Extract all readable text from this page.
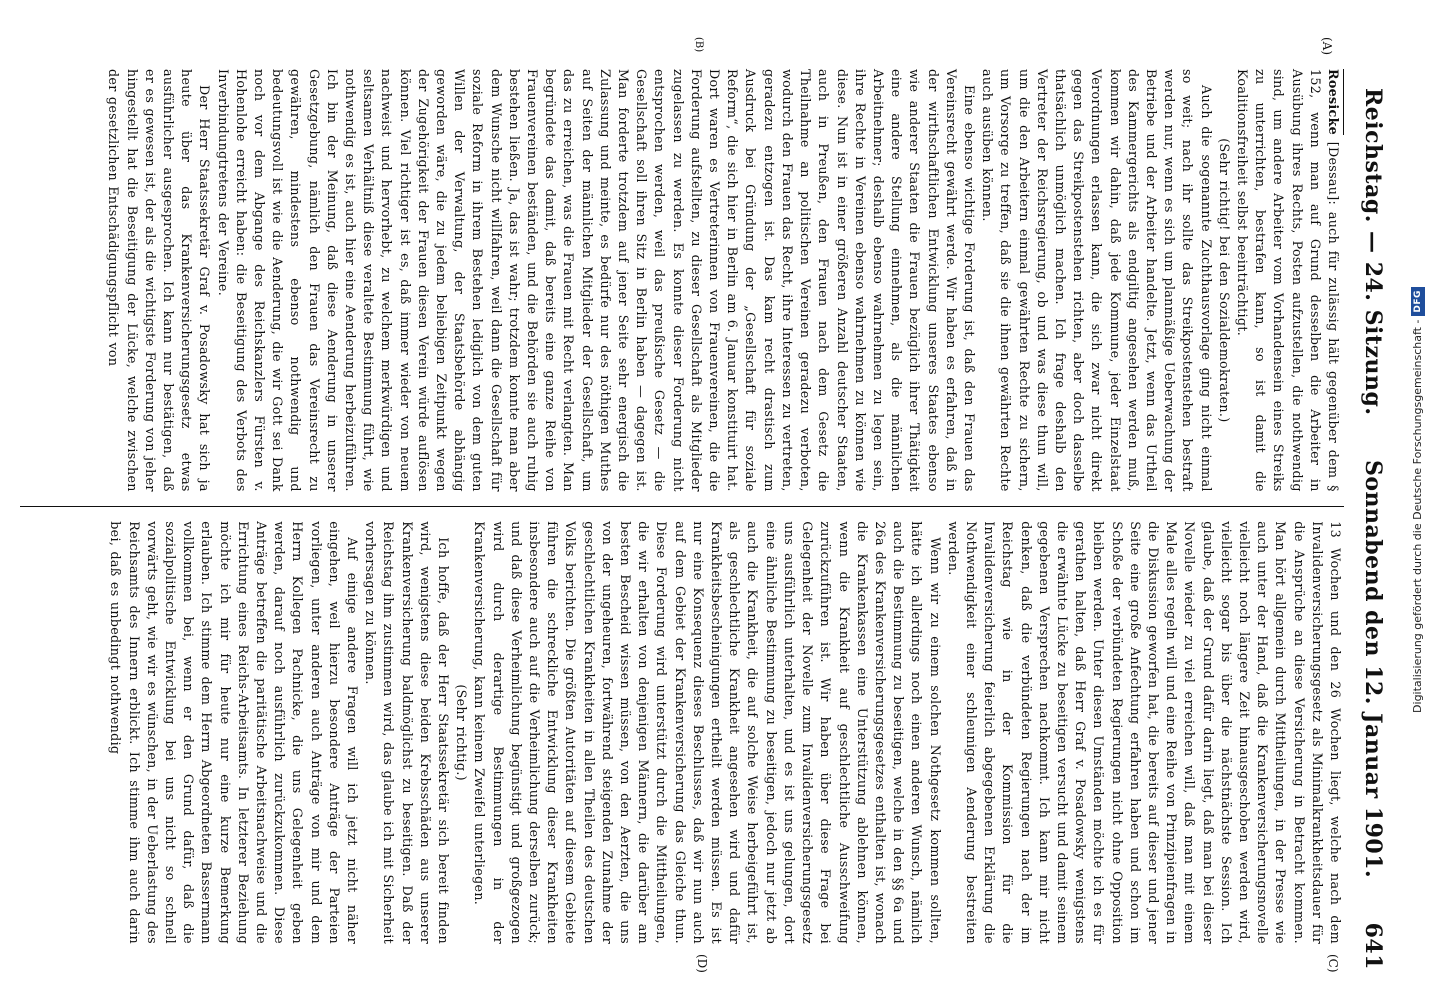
Reichstag. — 24. Sitzung.
Sonnabend den 12. Januar 1901.
641
(A)
(B)

Roesicke [Dessau]: auch für zulässig hält gegenüber dem § 152, wenn man auf Grund desselben die Arbeiter in Ausübung ihres Rechts, Posten aufzustellen, die nothwendig sind, um andere Arbeiter vom Vorhandensein eines Streiks zu unterrichten, bestrafen kann, so ist damit die Koalitionsfreiheit selbst beeinträchtigt.

(Sehr richtig! bei den Sozialdemokraten.)

Auch die sogenannte Zuchthausvorlage ging nicht einmal so weit; nach ihr sollte das Streikpostenstehen bestraft werden nur, wenn es sich um planmäßige Ueberwachung der Betriebe und der Arbeiter handelte. Jetzt, wenn das Urtheil des Kammergerichts als endgiltig angesehen werden muß, kommen wir dahin, daß jede Kommune, jeder Einzelstaat Verordnungen erlassen kann, die sich zwar nicht direkt gegen das Streikpostenstehen richten, aber doch dasselbe thatsächlich unmöglich machen. Ich frage deshalb den Vertreter der Reichsregierung, ob und was diese thun will, um die den Arbeitern einmal gewährten Rechte zu sichern, um Vorsorge zu treffen, daß sie die ihnen gewährten Rechte auch ausüben können.

Eine ebenso wichtige Forderung ist, daß den Frauen das Vereinsrecht gewährt werde. Wir haben es erfahren, daß in der wirthschaftlichen Entwicklung unseres Staates ebenso wie anderer Staaten die Frauen bezüglich ihrer Thätigkeit eine andere Stellung einnehmen, als die männlichen Arbeitnehmer; deshalb ebenso wahrnehmen zu legen sein, ihre Rechte in Vereinen ebenso wahrnehmen zu können wie diese. Nun ist in einer größeren Anzahl deutscher Staaten, auch in Preußen, den Frauen nach dem Gesetz die Theilnahme an politischen Vereinen geradezu verboten, wodurch den Frauen das Recht, ihre Interessen zu vertreten, geradezu entzogen ist. Das kam recht drastisch zum Ausdruck bei Gründung der „Gesellschaft für soziale Reform“, die sich hier in Berlin am 6. Januar konstituirt hat. Dort waren es Vertreterinnen von Frauenvereinen, die die Forderung aufstellten, zu dieser Gesellschaft als Mitglieder zugelassen zu werden. Es konnte dieser Forderung nicht entsprochen werden, weil das preußische Gesetz — die Gesellschaft soll ihren Sitz in Berlin haben — dagegen ist. Man forderte trotzdem auf jener Seite sehr energisch die Zulassung und meinte, es bedürfe nur des nöthigen Muthes auf Seiten der männlichen Mitglieder der Gesellschaft, um das zu erreichen, was die Frauen mit Recht verlangten. Man begründete das damit, daß bereits eine ganze Reihe von Frauenvereinen beständen, und die Behörden sie auch ruhig bestehen ließen. Ja, das ist wahr; trotzdem konnte man aber dem Wunsche nicht willfahren, weil dann die Gesellschaft für soziale Reform in ihrem Bestehen lediglich von dem guten Willen der Verwaltung, der Staatsbehörde abhängig geworden wäre, die zu jedem beliebigen Zeitpunkt wegen der Zugehörigkeit der Frauen diesen Verein würde auflösen können. Viel richtiger ist es, daß immer wieder von neuem nachweist und hervorhebt, zu welchem merkwürdigen und seltsamen Verhältniß diese veraltete Bestimmung führt, wie nothwendig es ist, auch hier eine Aenderung herbeizuführen. Ich bin der Meinung, daß diese Aenderung in unserer Gesetzgebung, nämlich den Frauen das Vereinsrecht zu gewähren, mindestens ebenso nothwendig und bedeutungsvoll ist wie die Aenderung, die wir Gott sei Dank noch vor dem Abgange des Reichskanzlers Fürsten v. Hohenlohe erreicht haben: die Beseitigung des Verbots des Inverbindungtretens der Vereine.

Der Herr Staatssekretär Graf v. Posadowsky hat sich ja heute über das Krankenversicherungsgesetz etwas ausführlicher ausgesprochen. Ich kann nur bestätigen, daß er es gewesen ist, der als die wichtigste Forderung von jeher hingestellt hat die Beseitigung der Lücke, welche zwischen der gesetzlichen Entschädigungspflicht von

13 Wochen und den 26 Wochen liegt, welche nach dem Invalidenversicherungsgesetz als Minimalkrankheitsdauer für die Ansprüche an diese Versicherung in Betracht kommen. Man hört allgemein durch Mittheilungen, in der Presse wie auch unter der Hand, daß die Krankenversicherungsnovelle vielleicht noch längere Zeit hinausgeschoben werden wird, vielleicht sogar bis über die nächstnächste Session. Ich glaube, daß der Grund dafür darin liegt, daß man bei dieser Novelle wieder zu viel erreichen will, daß man mit einem Male alles regeln will und eine Reihe von Prinzipienfragen in die Diskussion geworfen hat, die bereits auf dieser und jener Seite eine große Anfechtung erfahren haben und schon im Schoße der verbündeten Regierungen nicht ohne Opposition bleiben werden. Unter diesen Umständen möchte ich es für gerathen halten, daß Herr Graf v. Posadowsky wenigstens die erwähnte Lücke zu beseitigen versucht und damit seinem gegebenen Versprechen nachkommt. Ich kann mir nicht denken, daß die verbündeten Regierungen nach der im Reichstag wie in der Kommission für die Invalidenversicherung feierlich abgegebenen Erklärung die Nothwendigkeit einer schleunigen Aenderung bestreiten werden.

Wenn wir zu einem solchen Nothgesetz kommen sollten, hätte ich allerdings noch einen anderen Wunsch, nämlich auch die Bestimmung zu beseitigen, welche in den §§ 6a und 26a des Krankenversicherungsgesetzes enthalten ist, wonach die Krankenkassen eine Unterstützung ablehnen können, wenn die Krankheit auf geschlechtliche Ausschweifung zurückzuführen ist. Wir haben über diese Frage bei Gelegenheit der Novelle zum Invalidenversicherungsgesetz uns ausführlich unterhalten, und es ist uns gelungen, dort eine ähnliche Bestimmung zu beseitigen, jedoch nur jetzt ab auch die Krankheit, die auf solche Weise herbeigeführt ist, als geschlechtliche Krankheit angesehen wird und dafür Krankheitsbescheinigungen ertheilt werden müssen. Es ist nur eine Konsequenz dieses Beschlusses, daß wir nun auch auf dem Gebiet der Krankenversicherung das Gleiche thun. Diese Forderung wird unterstützt durch die Mittheilungen, die wir erhalten von denjenigen Männern, die darüber am besten Bescheid wissen müssen, von den Aerzten, die uns von der ungeheuren, fortwährend steigenden Zunahme der geschlechtlichen Krankheiten in allen Theilen des deutschen Volks berichten. Die größten Autoritäten auf diesem Gebiete führen die schreckliche Entwicklung dieser Krankheiten insbesondere auch auf die Verheimlichung derselben zurück; und daß diese Verheimlichung begünstigt und großgezogen wird durch derartige Bestimmungen in der Krankenversicherung, kann keinem Zweifel unterliegen.

(Sehr richtig.)

Ich hoffe, daß der Herr Staatssekretär sich bereit finden wird, wenigstens diese beiden Krebsschäden aus unserer Krankenversicherung baldmöglichst zu beseitigen. Daß der Reichstag ihm zustimmen wird, das glaube ich mit Sicherheit vorhersagen zu können.

Auf einige andere Fragen will ich jetzt nicht näher eingehen, weil hierzu besondere Anträge der Parteien vorliegen, unter anderen auch Anträge von mir und dem Herrn Kollegen Pachnicke, die uns Gelegenheit geben werden, darauf noch ausführlich zurückzukommen. Diese Anträge betreffen die paritätische Arbeitsnachweise und die Errichtung eines Reichs-Arbeitsamts. In letzterer Beziehung möchte ich mir für heute nur eine kurze Bemerkung erlauben. Ich stimme dem Herrn Abgeordneten Bassermann vollkommen bei, wenn er den Grund dafür, daß die sozialpolitische Entwicklung bei uns nicht so schnell vorwärts geht, wie wir es wünschen, in der Ueberlastung des Reichsamts des Innern erblickt. Ich stimme ihm auch darin bei, daß es unbedingt nothwendig

(C)
(D)
Digitalisierung gefördert durch die Deutsche Forschungsgemeinschaft -
DFG
